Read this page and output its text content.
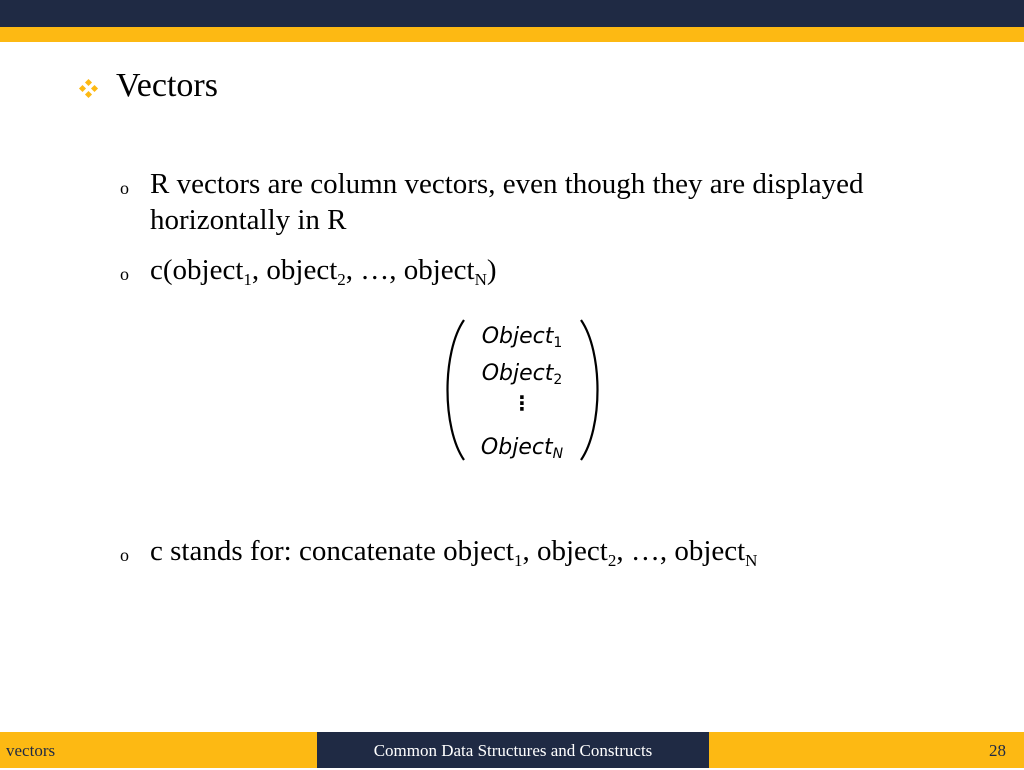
Vectors
o R vectors are column vectors, even though they are displayed horizontally in R
o c(object$_1$, object$_2$, …, object$_N$)
Object$_1$
Object$_2$
⋮
Object$_N$
o c stands for: concatenate object$_1$, object$_2$, …, object$_N$
vectors	Common Data Structures and Constructs	28
